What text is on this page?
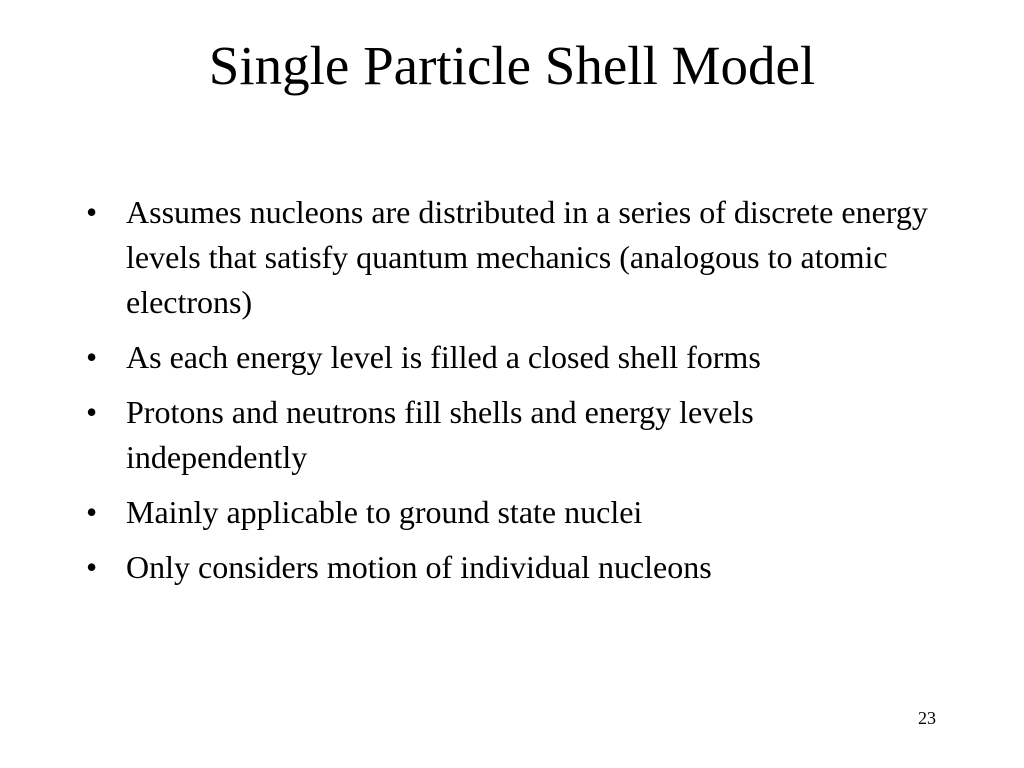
Single Particle Shell Model
• Assumes nucleons are distributed in a series of discrete energy levels that satisfy quantum mechanics (analogous to atomic electrons)
• As each energy level is filled a closed shell forms
• Protons and neutrons fill shells and energy levels independently
• Mainly applicable to ground state nuclei
• Only considers motion of individual nucleons
23
